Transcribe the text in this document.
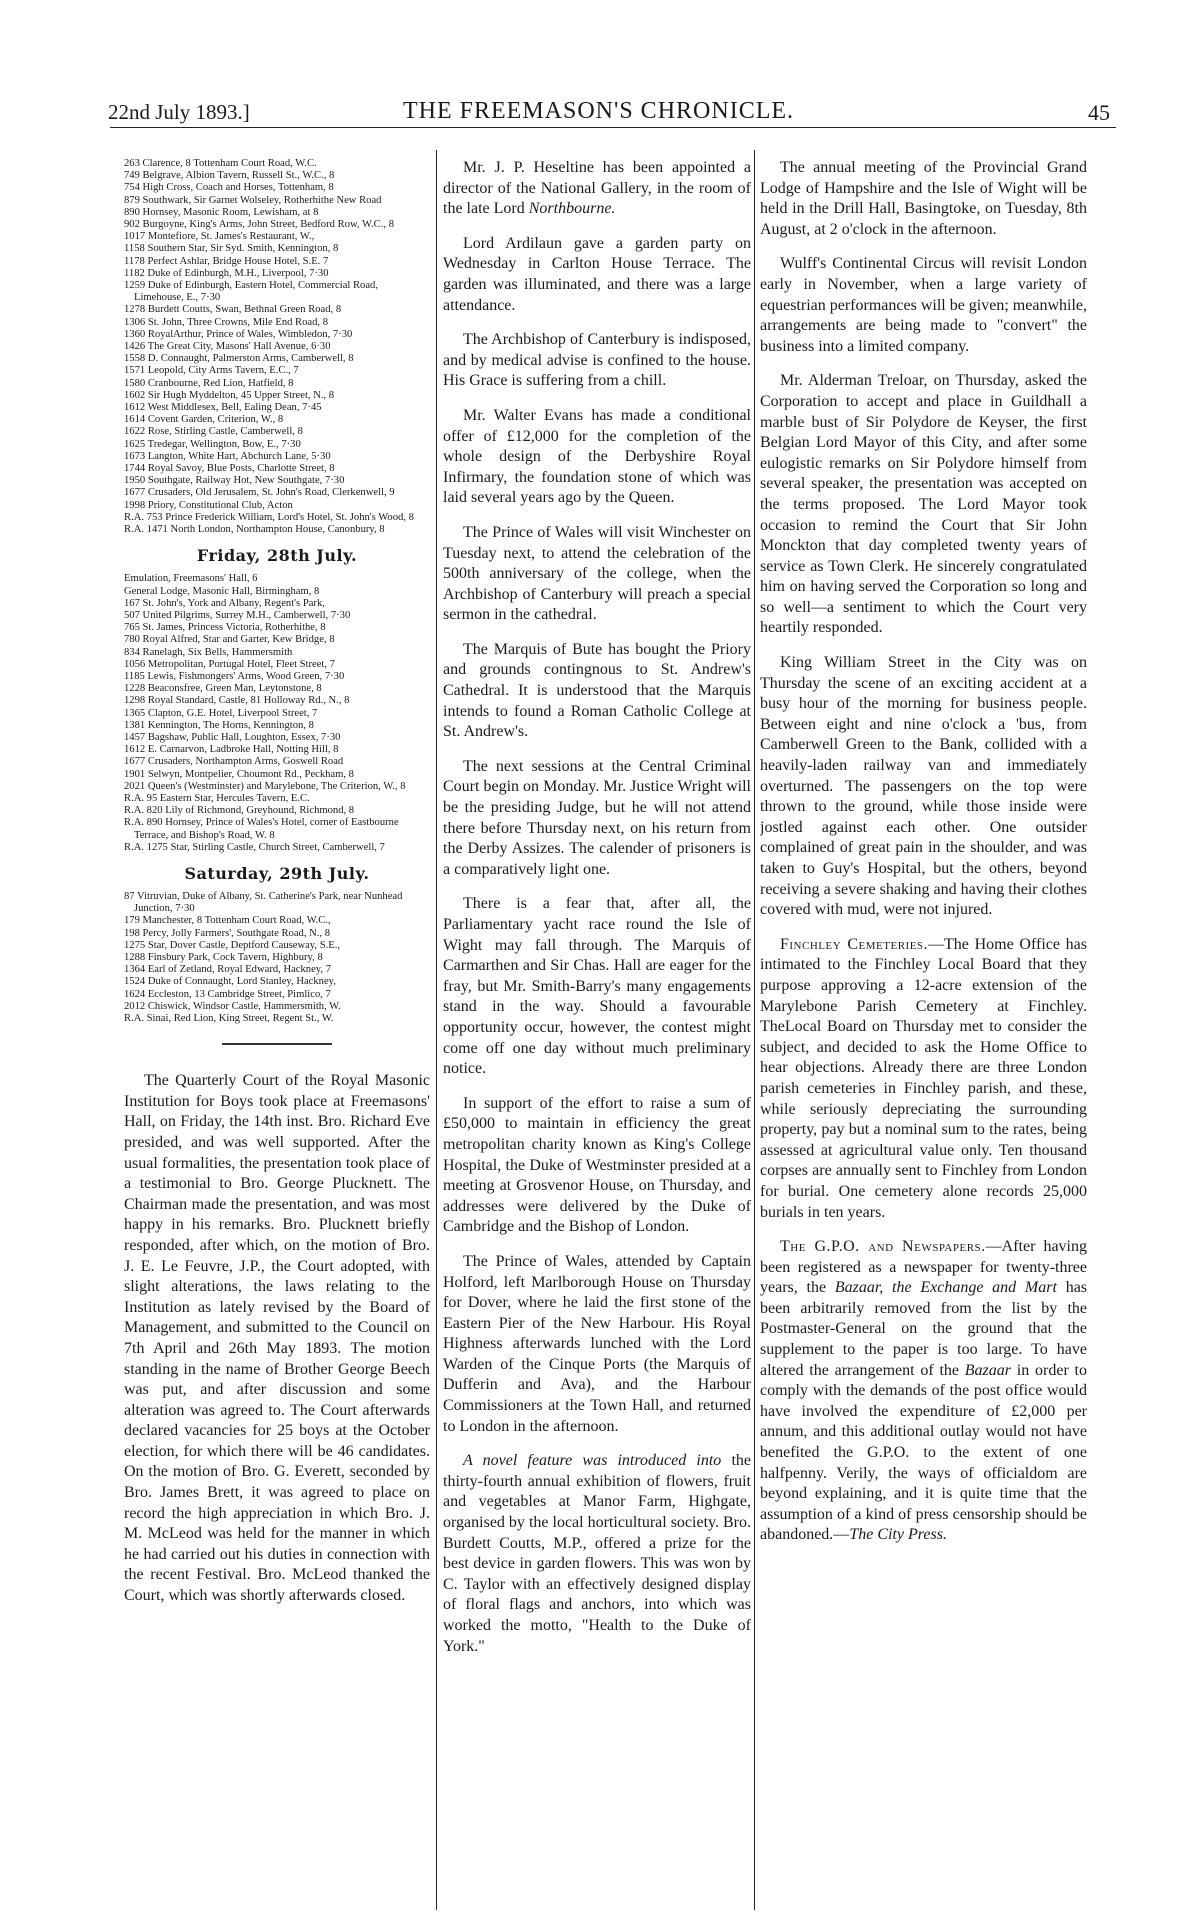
22nd July 1893.]	THE FREEMASON'S CHRONICLE.	45
263 Clarence, 8 Tottenham Court Road, W.C.
749 Belgrave, Albion Tavern, Russell St., W.C., 8
754 High Cross, Coach and Horses, Tottenham, 8
879 Southwark, Sir Garnet Wolseley, Rotherhithe New Road
890 Hornsey, Masonic Room, Lewisham, at 8
902 Burgoyne, King's Arms, John Street, Bedford Row, W.C., 8
1017 Montefiore, St. James's Restaurant, W.,
1158 Southern Star, Sir Syd. Smith, Kennington, 8
1178 Perfect Ashlar, Bridge House Hotel, S.E. 7
1182 Duke of Edinburgh, M.H., Liverpool, 7·30
1259 Duke of Edinburgh, Eastern Hotel, Commercial Road, Limehouse, E., 7·30
1278 Burdett Coutts, Swan, Bethnal Green Road, 8
1306 St. John, Three Crowns, Mile End Road, 8
1360 RoyalArthur, Prince of Wales, Wimbledon, 7·30
1426 The Great City, Masons' Hall Avenue, 6·30
1558 D. Connaught, Palmerston Arms, Camberwell, 8
1571 Leopold, City Arms Tavern, E.C., 7
1580 Cranbourne, Red Lion, Hatfield, 8
1602 Sir Hugh Myddelton, 45 Upper Street, N., 8
1612 West Middlesex, Bell, Ealing Dean, 7·45
1614 Covent Garden, Criterion, W., 8
1622 Rose, Stirling Castle, Camberwell, 8
1625 Tredegar, Wellington, Bow, E., 7·30
1673 Langton, White Hart, Abchurch Lane, 5·30
1744 Royal Savoy, Blue Posts, Charlotte Street, 8
1950 Southgate, Railway Hot, New Southgate, 7·30
1677 Crusaders, Old Jerusalem, St. John's Road, Clerkenwell, 9
1998 Priory, Constitutional Club, Acton
R.A. 753 Prince Frederick William, Lord's Hotel, St. John's Wood, 8
R.A. 1471 North London, Northampton House, Canonbury, 8
Friday, 28th July.
Emulation, Freemasons' Hall, 6
General Lodge, Masonic Hall, Birmingham, 8
167 St. John's, York and Albany, Regent's Park,
507 United Pilgrims, Surrey M.H., Camberwell, 7·30
765 St. James, Princess Victoria, Rotherhithe, 8
780 Royal Alfred, Star and Garter, Kew Bridge, 8
834 Ranelagh, Six Bells, Hammersmith
1056 Metropolitan, Portugal Hotel, Fleet Street, 7
1185 Lewis, Fishmongers' Arms, Wood Green, 7·30
1228 Beaconsfree, Green Man, Leytonstone, 8
1298 Royal Standard, Castle, 81 Holloway Rd., N., 8
1365 Clapton, G.E. Hotel, Liverpool Street, 7
1381 Kennington, The Horns, Kennington, 8
1457 Bagshaw, Public Hall, Loughton, Essex, 7·30
1612 E. Carnarvon, Ladbroke Hall, Notting Hill, 8
1677 Crusaders, Northampton Arms, Goswell Road
1901 Selwyn, Montpelier, Choumont Rd., Peckham, 8
2021 Queen's (Westminster) and Marylebone, The Criterion, W., 8
R.A. 95 Eastern Star, Hercules Tavern, E.C.
R.A. 820 Lily of Richmond, Greyhound, Richmond, 8
R.A. 890 Hornsey, Prince of Wales's Hotel, corner of Eastbourne Terrace, and Bishop's Road, W. 8
R.A. 1275 Star, Stirling Castle, Church Street, Camberwell, 7
Saturday, 29th July.
87 Vitruvian, Duke of Albany, St. Catherine's Park, near Nunhead Junction, 7·30
179 Manchester, 8 Tottenham Court Road, W.C.,
198 Percy, Jolly Farmers', Southgate Road, N., 8
1275 Star, Dover Castle, Deptford Causeway, S.E.,
1288 Finsbury Park, Cock Tavern, Highbury, 8
1364 Earl of Zetland, Royal Edward, Hackney, 7
1524 Duke of Connaught, Lord Stanley, Hackney,
1624 Eccleston, 13 Cambridge Street, Pimlico, 7
2012 Chiswick, Windsor Castle, Hammersmith, W.
R.A. Sinai, Red Lion, King Street, Regent St., W.

The Quarterly Court of the Royal Masonic Institution for Boys took place at Freemasons' Hall, on Friday, the 14th inst. Bro. Richard Eve presided, and was well supported. After the usual formalities, the presentation took place of a testimonial to Bro. George Plucknett. The Chairman made the presentation, and was most happy in his remarks. Bro. Plucknett briefly responded, after which, on the motion of Bro. J. E. Le Feuvre, J.P., the Court adopted, with slight alterations, the laws relating to the Institution as lately revised by the Board of Management, and submitted to the Council on 7th April and 26th May 1893. The motion standing in the name of Brother George Beech was put, and after discussion and some alteration was agreed to. The Court afterwards declared vacancies for 25 boys at the October election, for which there will be 46 candidates. On the motion of Bro. G. Everett, seconded by Bro. James Brett, it was agreed to place on record the high appreciation in which Bro. J. M. McLeod was held for the manner in which he had carried out his duties in connection with the recent Festival. Bro. McLeod thanked the Court, which was shortly afterwards closed.

Mr. J. P. Heseltine has been appointed a director of the National Gallery, in the room of the late Lord Northbourne.

Lord Ardilaun gave a garden party on Wednesday in Carlton House Terrace. The garden was illuminated, and there was a large attendance.

The Archbishop of Canterbury is indisposed, and by medical advise is confined to the house. His Grace is suffering from a chill.

Mr. Walter Evans has made a conditional offer of £12,000 for the completion of the whole design of the Derbyshire Royal Infirmary, the foundation stone of which was laid several years ago by the Queen.

The Prince of Wales will visit Winchester on Tuesday next, to attend the celebration of the 500th anniversary of the college, when the Archbishop of Canterbury will preach a special sermon in the cathedral.

The Marquis of Bute has bought the Priory and grounds contingnous to St. Andrew's Cathedral. It is understood that the Marquis intends to found a Roman Catholic College at St. Andrew's.

The next sessions at the Central Criminal Court begin on Monday. Mr. Justice Wright will be the presiding Judge, but he will not attend there before Thursday next, on his return from the Derby Assizes. The calender of prisoners is a comparatively light one.

There is a fear that, after all, the Parliamentary yacht race round the Isle of Wight may fall through. The Marquis of Carmarthen and Sir Chas. Hall are eager for the fray, but Mr. Smith-Barry's many engagements stand in the way. Should a favourable opportunity occur, however, the contest might come off one day without much preliminary notice.

In support of the effort to raise a sum of £50,000 to maintain in efficiency the great metropolitan charity known as King's College Hospital, the Duke of Westminster presided at a meeting at Grosvenor House, on Thursday, and addresses were delivered by the Duke of Cambridge and the Bishop of London.

The Prince of Wales, attended by Captain Holford, left Marlborough House on Thursday for Dover, where he laid the first stone of the Eastern Pier of the New Harbour. His Royal Highness afterwards lunched with the Lord Warden of the Cinque Ports (the Marquis of Dufferin and Ava), and the Harbour Commissioners at the Town Hall, and returned to London in the afternoon.

A novel feature was introduced into the thirty-fourth annual exhibition of flowers, fruit and vegetables at Manor Farm, Highgate, organised by the local horticultural society. Bro. Burdett Coutts, M.P., offered a prize for the best device in garden flowers. This was won by C. Taylor with an effectively designed display of floral flags and anchors, into which was worked the motto, "Health to the Duke of York."

The annual meeting of the Provincial Grand Lodge of Hampshire and the Isle of Wight will be held in the Drill Hall, Basingtoke, on Tuesday, 8th August, at 2 o'clock in the afternoon.

Wulff's Continental Circus will revisit London early in November, when a large variety of equestrian performances will be given; meanwhile, arrangements are being made to "convert" the business into a limited company.

Mr. Alderman Treloar, on Thursday, asked the Corporation to accept and place in Guildhall a marble bust of Sir Polydore de Keyser, the first Belgian Lord Mayor of this City, and after some eulogistic remarks on Sir Polydore himself from several speaker, the presentation was accepted on the terms proposed. The Lord Mayor took occasion to remind the Court that Sir John Monckton that day completed twenty years of service as Town Clerk. He sincerely congratulated him on having served the Corporation so long and so well—a sentiment to which the Court very heartily responded.

King William Street in the City was on Thursday the scene of an exciting accident at a busy hour of the morning for business people. Between eight and nine o'clock a 'bus, from Camberwell Green to the Bank, collided with a heavily-laden railway van and immediately overturned. The passengers on the top were thrown to the ground, while those inside were jostled against each other. One outsider complained of great pain in the shoulder, and was taken to Guy's Hospital, but the others, beyond receiving a severe shaking and having their clothes covered with mud, were not injured.

Finchley Cemeteries.—The Home Office has intimated to the Finchley Local Board that they purpose approving a 12-acre extension of the Marylebone Parish Cemetery at Finchley. TheLocal Board on Thursday met to consider the subject, and decided to ask the Home Office to hear objections. Already there are three London parish cemeteries in Finchley parish, and these, while seriously depreciating the surrounding property, pay but a nominal sum to the rates, being assessed at agricultural value only. Ten thousand corpses are annually sent to Finchley from London for burial. One cemetery alone records 25,000 burials in ten years.

The G.P.O. and Newspapers.—After having been registered as a newspaper for twenty-three years, the Bazaar, the Exchange and Mart has been arbitrarily removed from the list by the Postmaster-General on the ground that the supplement to the paper is too large. To have altered the arrangement of the Bazaar in order to comply with the demands of the post office would have involved the expenditure of £2,000 per annum, and this additional outlay would not have benefited the G.P.O. to the extent of one halfpenny. Verily, the ways of officialdom are beyond explaining, and it is quite time that the assumption of a kind of press censorship should be abandoned.—The City Press.
